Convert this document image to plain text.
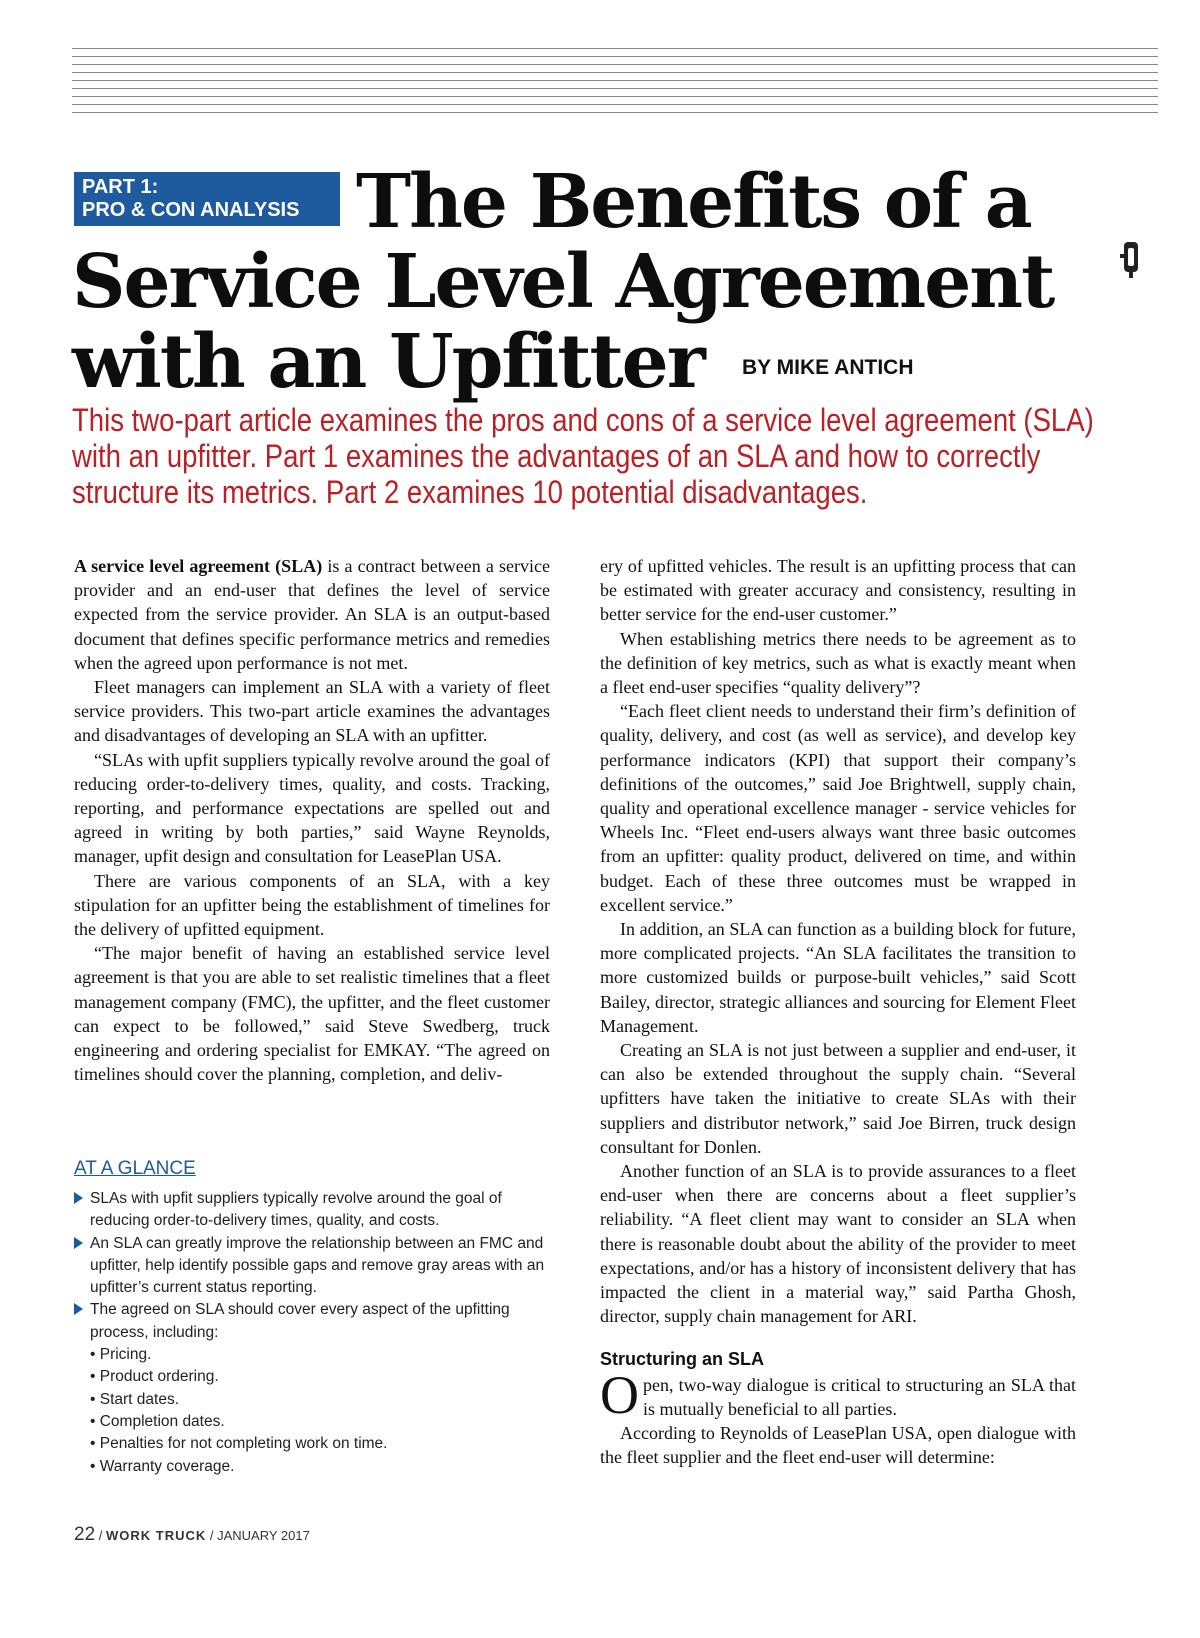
PART 1:
PRO & CON ANALYSIS The Benefits of a
Service Level Agreement
with an Upfitter BY MIKE ANTICH

This two-part article examines the pros and cons of a service level agreement (SLA) with an upfitter. Part 1 examines the advantages of an SLA and how to correctly structure its metrics. Part 2 examines 10 potential disadvantages.

A service level agreement (SLA) is a contract between a service provider and an end-user that defines the level of service expected from the service provider. An SLA is an output-based document that defines specific performance metrics and remedies when the agreed upon performance is not met.

Fleet managers can implement an SLA with a variety of fleet service providers. This two-part article examines the advantages and disadvantages of developing an SLA with an upfitter.

“SLAs with upfit suppliers typically revolve around the goal of reducing order-to-delivery times, quality, and costs. Tracking, reporting, and performance expectations are spelled out and agreed in writing by both parties,” said Wayne Reynolds, manager, upfit design and consultation for LeasePlan USA.

There are various components of an SLA, with a key stipulation for an upfitter being the establishment of timelines for the delivery of upfitted equipment.

“The major benefit of having an established service level agreement is that you are able to set realistic timelines that a fleet management company (FMC), the upfitter, and the fleet customer can expect to be followed,” said Steve Swedberg, truck engineering and ordering specialist for EMKAY. “The agreed on timelines should cover the planning, completion, and deliv-

AT A GLANCE
SLAs with upfit suppliers typically revolve around the goal of reducing order-to-delivery times, quality, and costs.
An SLA can greatly improve the relationship between an FMC and upfitter, help identify possible gaps and remove gray areas with an upfitter’s current status reporting.
The agreed on SLA should cover every aspect of the upfitting process, including:
• Pricing.
• Product ordering.
• Start dates.
• Completion dates.
• Penalties for not completing work on time.
• Warranty coverage.

ery of upfitted vehicles. The result is an upfitting process that can be estimated with greater accuracy and consistency, resulting in better service for the end-user customer.”

When establishing metrics there needs to be agreement as to the definition of key metrics, such as what is exactly meant when a fleet end-user specifies “quality delivery”?

“Each fleet client needs to understand their firm’s definition of quality, delivery, and cost (as well as service), and develop key performance indicators (KPI) that support their company’s definitions of the outcomes,” said Joe Brightwell, supply chain, quality and operational excellence manager - service vehicles for Wheels Inc. “Fleet end-users always want three basic outcomes from an upfitter: quality product, delivered on time, and within budget. Each of these three outcomes must be wrapped in excellent service.”

In addition, an SLA can function as a building block for future, more complicated projects. “An SLA facilitates the transition to more customized builds or purpose-built vehicles,” said Scott Bailey, director, strategic alliances and sourcing for Element Fleet Management.

Creating an SLA is not just between a supplier and end-user, it can also be extended throughout the supply chain. “Several upfitters have taken the initiative to create SLAs with their suppliers and distributor network,” said Joe Birren, truck design consultant for Donlen.

Another function of an SLA is to provide assurances to a fleet end-user when there are concerns about a fleet supplier’s reliability. “A fleet client may want to consider an SLA when there is reasonable doubt about the ability of the provider to meet expectations, and/or has a history of inconsistent delivery that has impacted the client in a material way,” said Partha Ghosh, director, supply chain management for ARI.

Structuring an SLA

Open, two-way dialogue is critical to structuring an SLA that is mutually beneficial to all parties.

According to Reynolds of LeasePlan USA, open dialogue with the fleet supplier and the fleet end-user will determine:

22 / WORK TRUCK / JANUARY 2017
